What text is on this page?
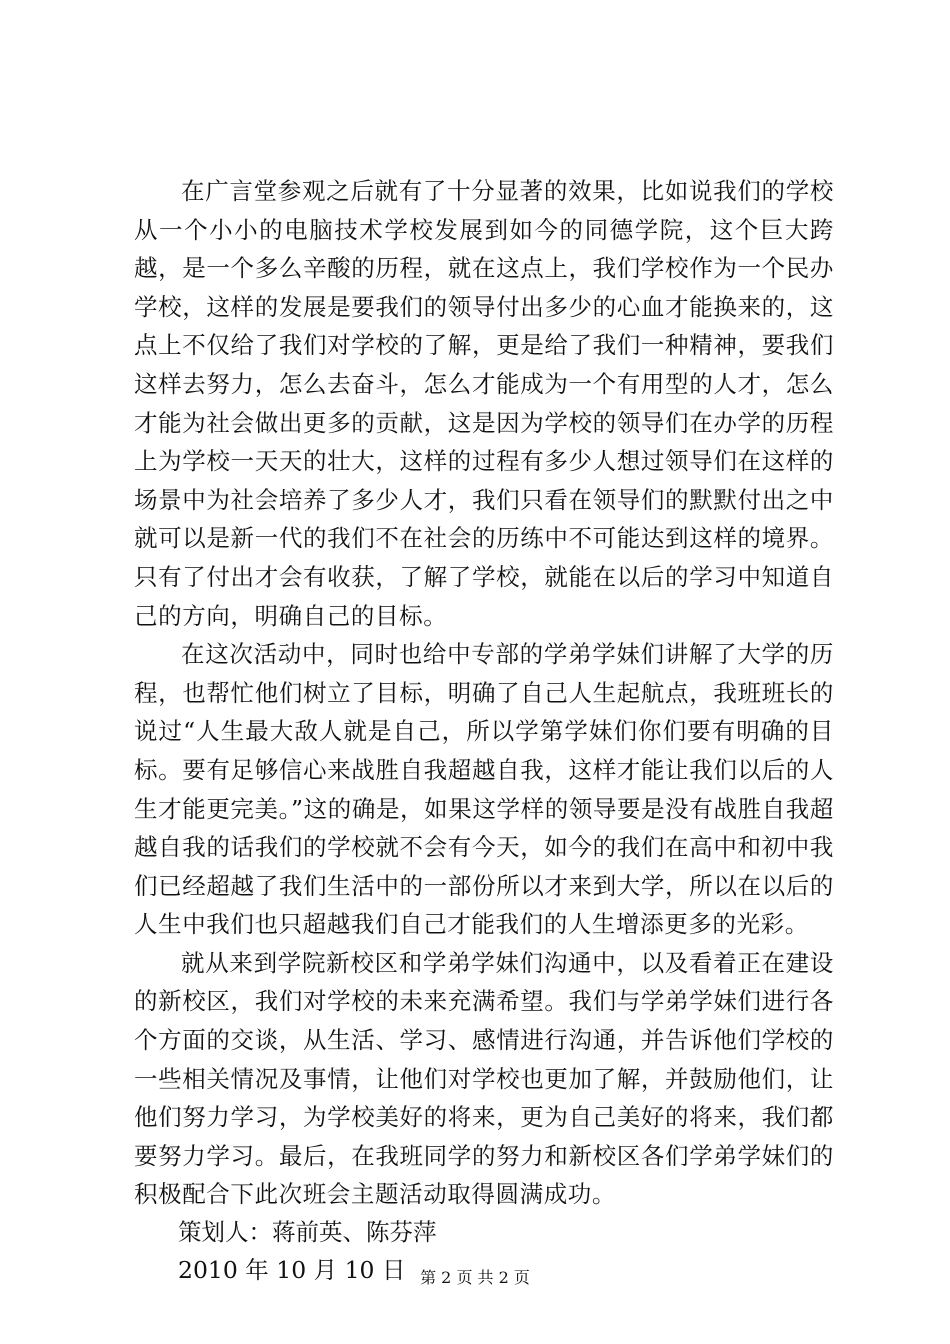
在广言堂参观之后就有了十分显著的效果，比如说我们的学校从一个小小的电脑技术学校发展到如今的同德学院，这个巨大跨越，是一个多么辛酸的历程，就在这点上，我们学校作为一个民办学校，这样的发展是要我们的领导付出多少的心血才能换来的，这点上不仅给了我们对学校的了解，更是给了我们一种精神，要我们这样去努力，怎么去奋斗，怎么才能成为一个有用型的人才，怎么才能为社会做出更多的贡献，这是因为学校的领导们在办学的历程上为学校一天天的壮大，这样的过程有多少人想过领导们在这样的场景中为社会培养了多少人才，我们只看在领导们的默默付出之中就可以是新一代的我们不在社会的历练中不可能达到这样的境界。只有了付出才会有收获，了解了学校，就能在以后的学习中知道自己的方向，明确自己的目标。

在这次活动中，同时也给中专部的学弟学妹们讲解了大学的历程，也帮忙他们树立了目标，明确了自己人生起航点，我班班长的说过“人生最大敌人就是自己，所以学第学妹们你们要有明确的目标。要有足够信心来战胜自我超越自我，这样才能让我们以后的人生才能更完美。”这的确是，如果这学样的领导要是没有战胜自我超越自我的话我们的学校就不会有今天，如今的我们在高中和初中我们已经超越了我们生活中的一部份所以才来到大学，所以在以后的人生中我们也只超越我们自己才能我们的人生增添更多的光彩。

就从来到学院新校区和学弟学妹们沟通中，以及看着正在建设的新校区，我们对学校的未来充满希望。我们与学弟学妹们进行各个方面的交谈，从生活、学习、感情进行沟通，并告诉他们学校的一些相关情况及事情，让他们对学校也更加了解，并鼓励他们，让他们努力学习，为学校美好的将来，更为自己美好的将来，我们都要努力学习。最后，在我班同学的努力和新校区各们学弟学妹们的积极配合下此次班会主题活动取得圆满成功。

策划人：蒋前英、陈芬萍

2010 年 10 月 10 日 第 2 页 共 2 页
